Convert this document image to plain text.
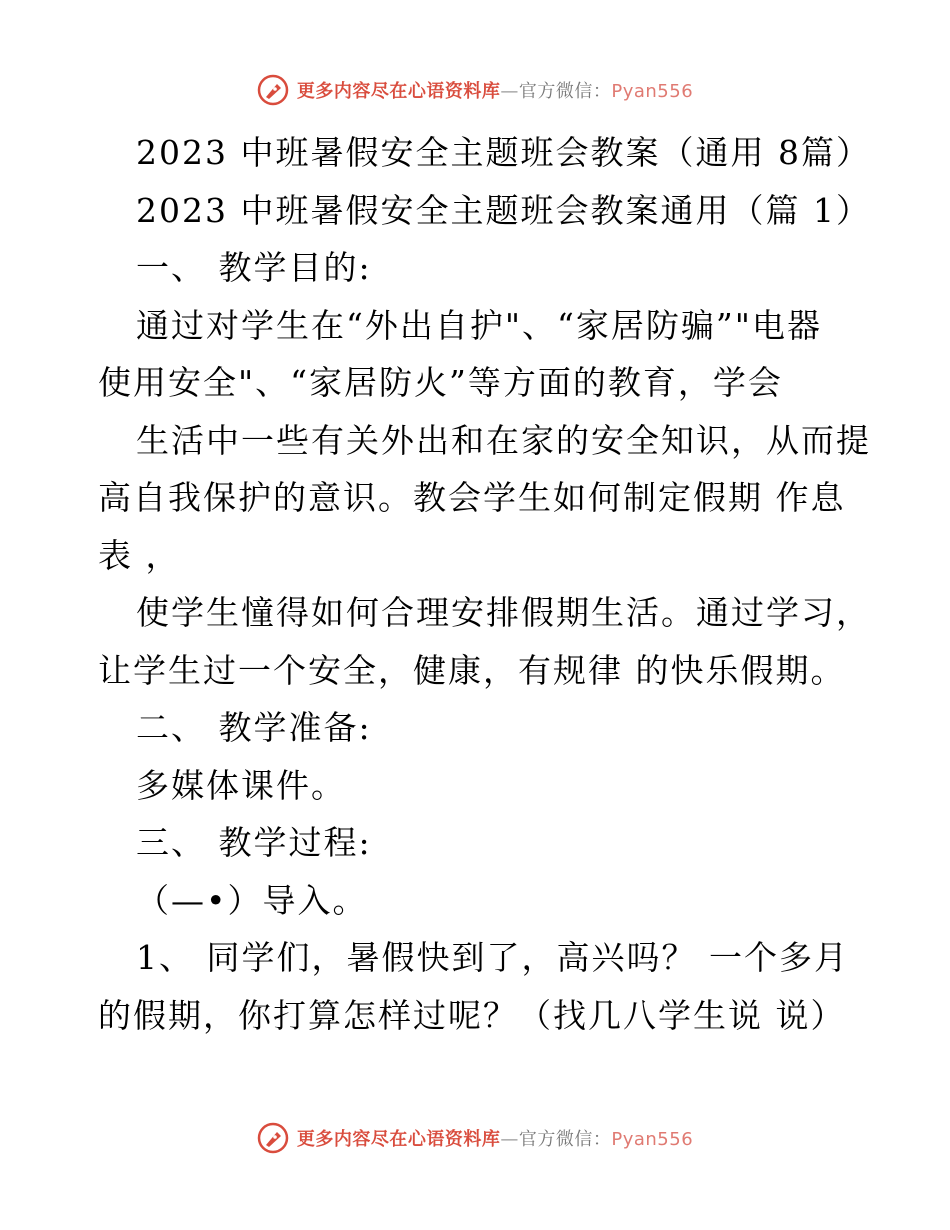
更多内容尽在心语资料库—官方微信：Pyan556
2023 中班暑假安全主题班会教案（通用 8篇）
2023 中班暑假安全主题班会教案通用（篇 1）
一、 教学目的:
通过对学生在“外出自护"、“家居防骗”"电器
使用安全"、“家居防火”等方面的教育，学会
生活中一些有关外出和在家的安全知识，从而提
高自我保护的意识。教会学生如何制定假期 作息
表 ，
使学生憧得如何合理安排假期生活。通过学习，
让学生过一个安全，健康，有规律 的快乐假期。
二、 教学准备:
多媒体课件。
三、 教学过程:
（—•）导入。
1、 同学们，暑假快到了，高兴吗？ 一个多月
的假期，你打算怎样过呢？（找几八学生说 说）
更多内容尽在心语资料库—官方微信：Pyan556
